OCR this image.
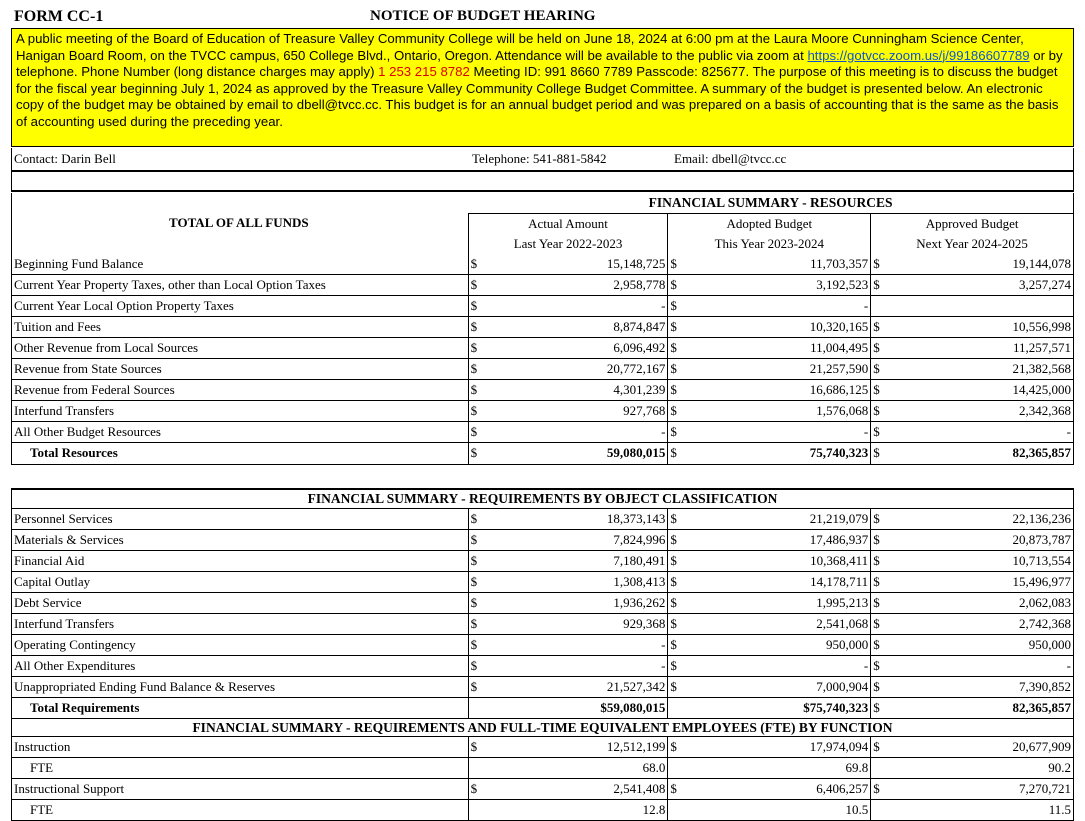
FORM CC-1	NOTICE OF BUDGET HEARING
A public meeting of the Board of Education of Treasure Valley Community College will be held on June 18, 2024 at 6:00 pm at the Laura Moore Cunningham Science Center, Hanigan Board Room, on the TVCC campus, 650 College Blvd., Ontario, Oregon. Attendance will be available to the public via zoom at https://gotvcc.zoom.us/j/99186607789 or by telephone. Phone Number (long distance charges may apply) 1 253 215 8782 Meeting ID: 991 8660 7789 Passcode: 825677. The purpose of this meeting is to discuss the budget for the fiscal year beginning July 1, 2024 as approved by the Treasure Valley Community College Budget Committee. A summary of the budget is presented below. An electronic copy of the budget may be obtained by email to dbell@tvcc.cc. This budget is for an annual budget period and was prepared on a basis of accounting that is the same as the basis of accounting used during the preceding year.
Contact: Darin Bell	Telephone: 541-881-5842	Email: dbell@tvcc.cc
	FINANCIAL SUMMARY - RESOURCES					
TOTAL OF ALL FUNDS	Actual Amount		Adopted Budget		Approved Budget	
	Last Year 2022-2023		This Year 2023-2024		Next Year 2024-2025	
Beginning Fund Balance	$	15,148,725	$	11,703,357	$	19,144,078
Current Year Property Taxes, other than Local Option Taxes	$	2,958,778	$	3,192,523	$	3,257,274
Current Year Local Option Property Taxes	$	-	$	-		
Tuition and Fees	$	8,874,847	$	10,320,165	$	10,556,998
Other Revenue from Local Sources	$	6,096,492	$	11,004,495	$	11,257,571
Revenue from State Sources	$	20,772,167	$	21,257,590	$	21,382,568
Revenue from Federal Sources	$	4,301,239	$	16,686,125	$	14,425,000
Interfund Transfers	$	927,768	$	1,576,068	$	2,342,368
All Other Budget Resources	$	-	$	-	$	-
Total Resources	$	59,080,015	$	75,740,323	$	82,365,857
FINANCIAL SUMMARY - REQUIREMENTS BY OBJECT CLASSIFICATION						
Personnel Services	$	18,373,143	$	21,219,079	$	22,136,236
Materials & Services	$	7,824,996	$	17,486,937	$	20,873,787
Financial Aid	$	7,180,491	$	10,368,411	$	10,713,554
Capital Outlay	$	1,308,413	$	14,178,711	$	15,496,977
Debt Service	$	1,936,262	$	1,995,213	$	2,062,083
Interfund Transfers	$	929,368	$	2,541,068	$	2,742,368
Operating Contingency	$	-	$	950,000	$	950,000
All Other Expenditures	$	-	$	-	$	-
Unappropriated Ending Fund Balance & Reserves	$	21,527,342	$	7,000,904	$	7,390,852
Total Requirements		$59,080,015		$75,740,323	$	82,365,857
FINANCIAL SUMMARY - REQUIREMENTS AND FULL-TIME EQUIVALENT EMPLOYEES (FTE) BY FUNCTION						
Instruction	$	12,512,199	$	17,974,094	$	20,677,909
FTE		68.0		69.8		90.2
Instructional Support	$	2,541,408	$	6,406,257	$	7,270,721
FTE		12.8		10.5		11.5
